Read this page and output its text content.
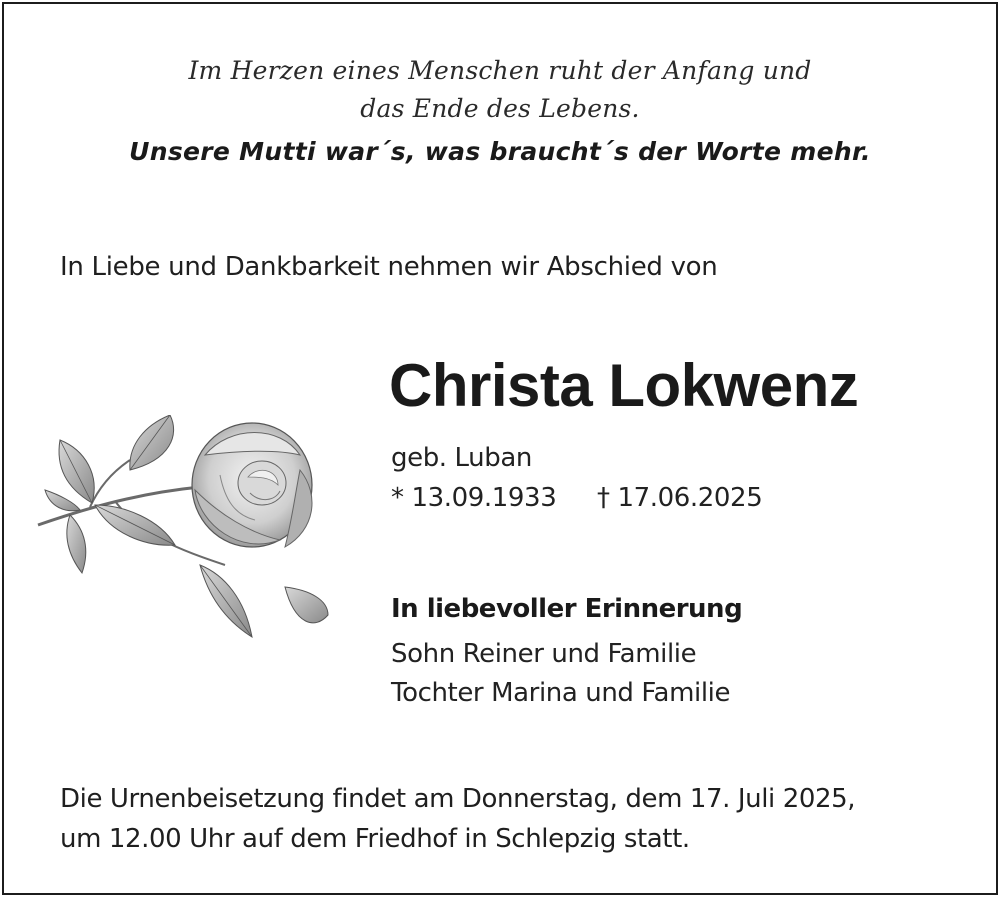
Im Herzen eines Menschen ruht der Anfang und
das Ende des Lebens.
Unsere Mutti war´s, was braucht´s der Worte mehr.
In Liebe und Dankbarkeit nehmen wir Abschied von
Christa Lokwenz
geb. Luban
* 13.09.1933 † 17.06.2025
In liebevoller Erinnerung
Sohn Reiner und Familie
Tochter Marina und Familie
Die Urnenbeisetzung findet am Donnerstag, dem 17. Juli 2025,
um 12.00 Uhr auf dem Friedhof in Schlepzig statt.
